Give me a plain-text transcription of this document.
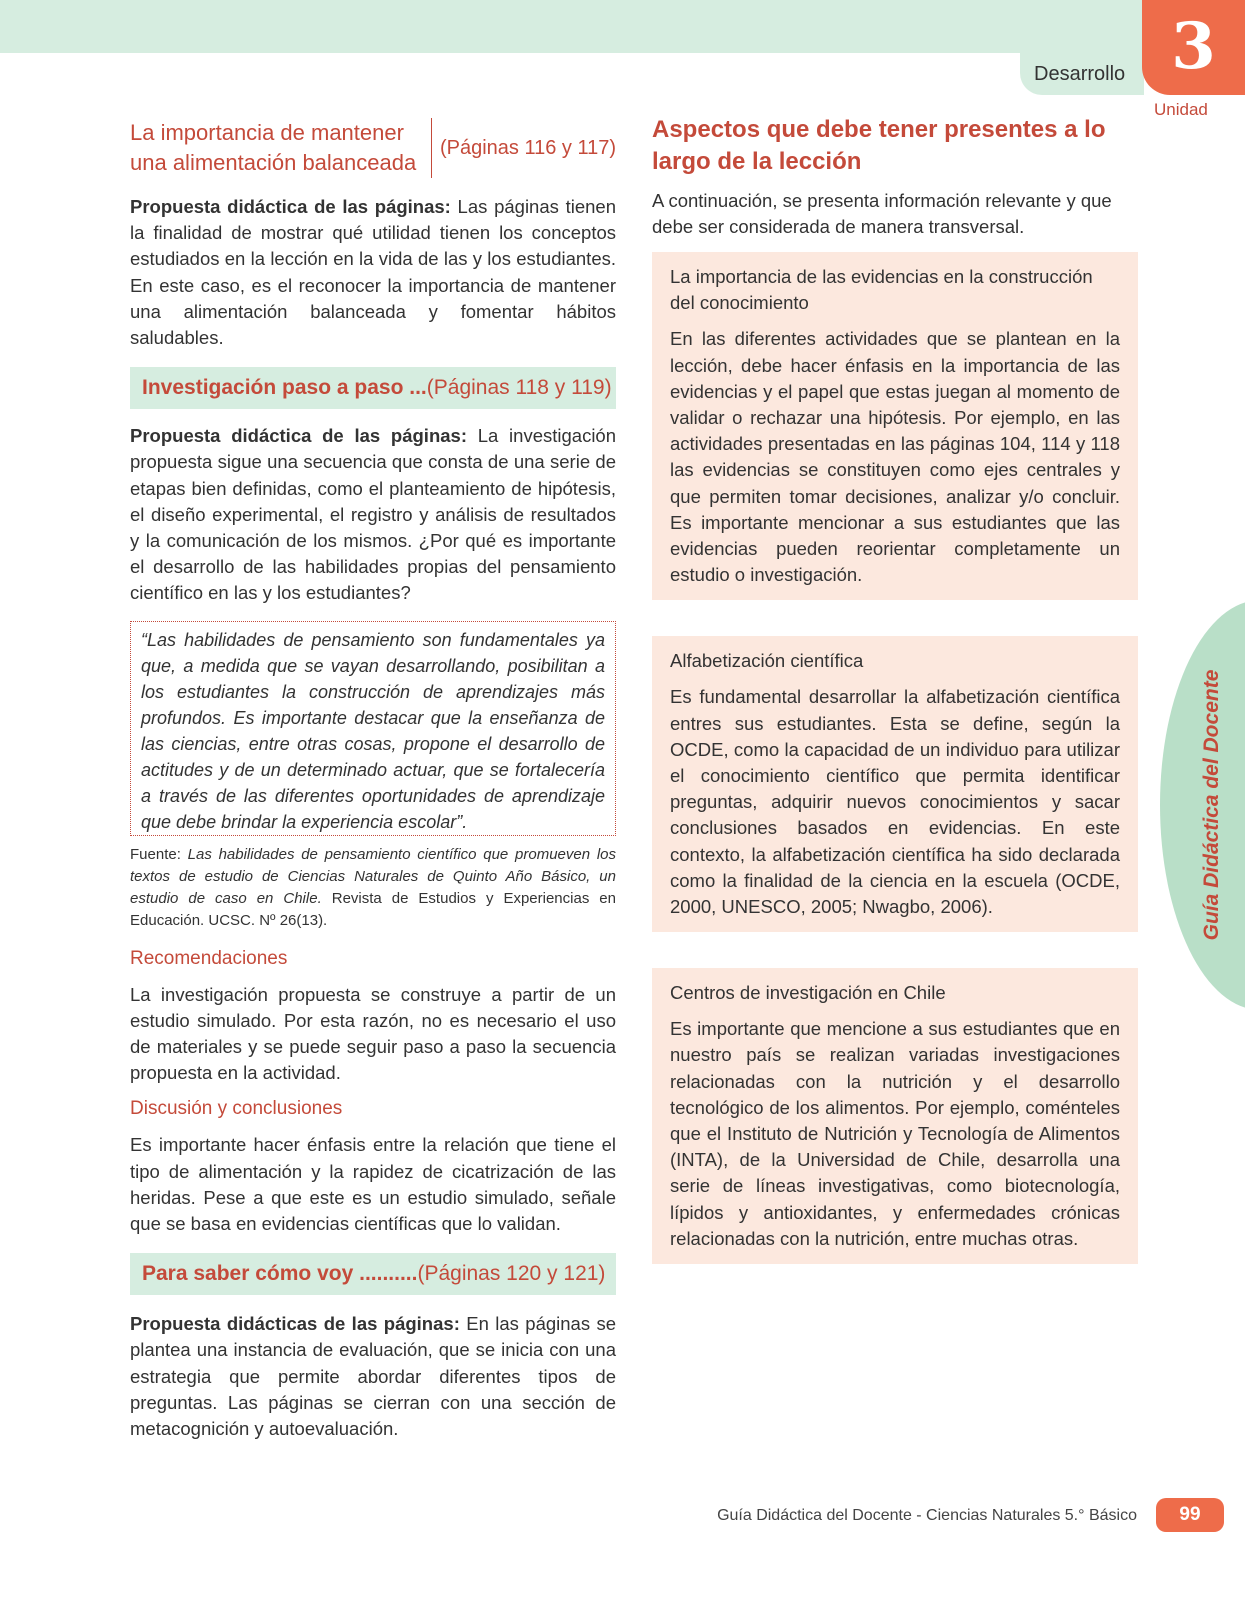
Desarrollo 3
Unidad
Guía Didáctica del Docente
La importancia de mantener una alimentación balanceada
(Páginas 116 y 117)

Propuesta didáctica de las páginas: Las páginas tienen la finalidad de mostrar qué utilidad tienen los conceptos estudiados en la lección en la vida de las y los estudiantes. En este caso, es el reconocer la importancia de mantener una alimentación balanceada y fomentar hábitos saludables.

Investigación paso a paso ...(Páginas 118 y 119)

Propuesta didáctica de las páginas: La investigación propuesta sigue una secuencia que consta de una serie de etapas bien definidas, como el planteamiento de hipótesis, el diseño experimental, el registro y análisis de resultados y la comunicación de los mismos. ¿Por qué es importante el desarrollo de las habilidades propias del pensamiento científico en las y los estudiantes?

“Las habilidades de pensamiento son fundamentales ya que, a medida que se vayan desarrollando, posibilitan a los estudiantes la construcción de aprendizajes más profundos. Es importante destacar que la enseñanza de las ciencias, entre otras cosas, propone el desarrollo de actitudes y de un determinado actuar, que se fortalecería a través de las diferentes oportunidades de aprendizaje que debe brindar la experiencia escolar”.

Fuente: Las habilidades de pensamiento científico que promueven los textos de estudio de Ciencias Naturales de Quinto Año Básico, un estudio de caso en Chile. Revista de Estudios y Experiencias en Educación. UCSC. Nº 26(13).

Recomendaciones

La investigación propuesta se construye a partir de un estudio simulado. Por esta razón, no es necesario el uso de materiales y se puede seguir paso a paso la secuencia propuesta en la actividad.

Discusión y conclusiones

Es importante hacer énfasis entre la relación que tiene el tipo de alimentación y la rapidez de cicatrización de las heridas. Pese a que este es un estudio simulado, señale que se basa en evidencias científicas que lo validan.

Para saber cómo voy ..........(Páginas 120 y 121)

Propuesta didácticas de las páginas: En las páginas se plantea una instancia de evaluación, que se inicia con una estrategia que permite abordar diferentes tipos de preguntas. Las páginas se cierran con una sección de metacognición y autoevaluación.

Aspectos que debe tener presentes a lo largo de la lección

A continuación, se presenta información relevante y que debe ser considerada de manera transversal.

La importancia de las evidencias en la construcción del conocimiento

En las diferentes actividades que se plantean en la lección, debe hacer énfasis en la importancia de las evidencias y el papel que estas juegan al momento de validar o rechazar una hipótesis. Por ejemplo, en las actividades presentadas en las páginas 104, 114 y 118 las evidencias se constituyen como ejes centrales y que permiten tomar decisiones, analizar y/o concluir. Es importante mencionar a sus estudiantes que las evidencias pueden reorientar completamente un estudio o investigación.

Alfabetización científica

Es fundamental desarrollar la alfabetización científica entres sus estudiantes. Esta se define, según la OCDE, como la capacidad de un individuo para utilizar el conocimiento científico que permita identificar preguntas, adquirir nuevos conocimientos y sacar conclusiones basados en evidencias. En este contexto, la alfabetización científica ha sido declarada como la finalidad de la ciencia en la escuela (OCDE, 2000, UNESCO, 2005; Nwagbo, 2006).

Centros de investigación en Chile

Es importante que mencione a sus estudiantes que en nuestro país se realizan variadas investigaciones relacionadas con la nutrición y el desarrollo tecnológico de los alimentos. Por ejemplo, coménteles que el Instituto de Nutrición y Tecnología de Alimentos (INTA), de la Universidad de Chile, desarrolla una serie de líneas investigativas, como biotecnología, lípidos y antioxidantes, y enfermedades crónicas relacionadas con la nutrición, entre muchas otras.

Guía Didáctica del Docente - Ciencias Naturales 5.° Básico	99
